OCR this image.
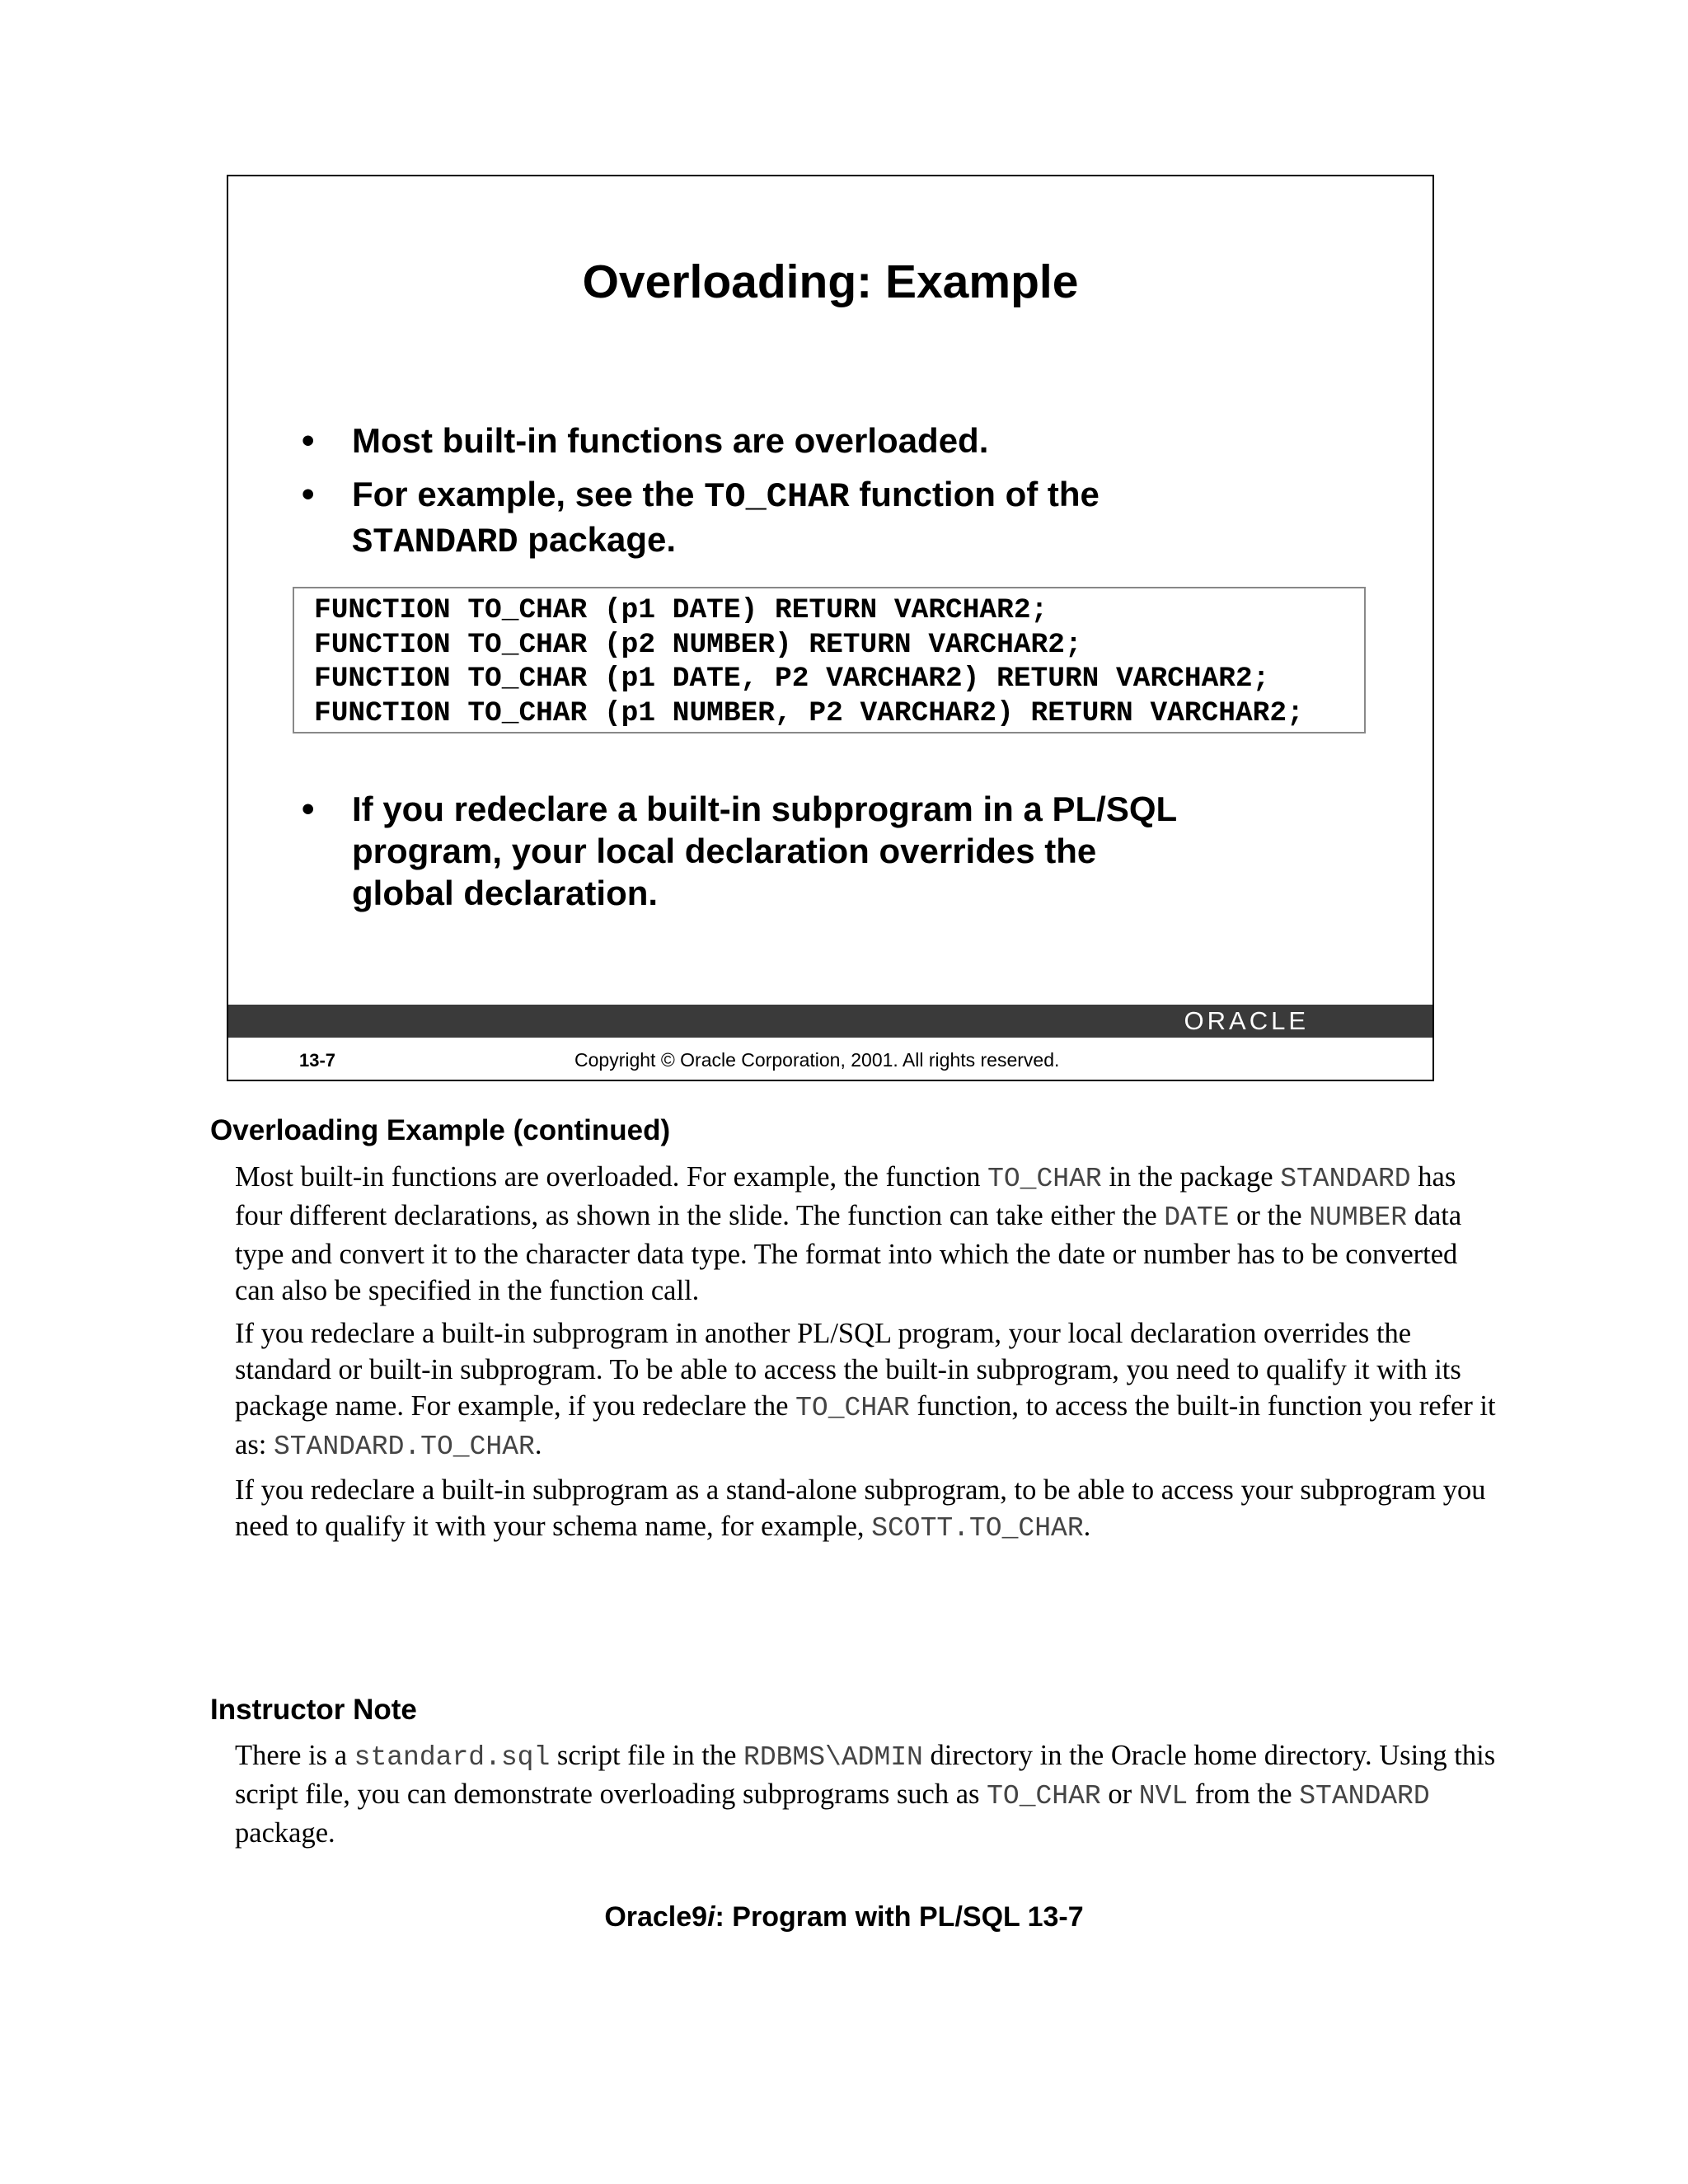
Overloading: Example
• Most built-in functions are overloaded.
• For example, see the TO_CHAR function of the
STANDARD package.
FUNCTION TO_CHAR (p1 DATE) RETURN VARCHAR2;
FUNCTION TO_CHAR (p2 NUMBER) RETURN VARCHAR2;
FUNCTION TO_CHAR (p1 DATE, P2 VARCHAR2) RETURN VARCHAR2;
FUNCTION TO_CHAR (p1 NUMBER, P2 VARCHAR2) RETURN VARCHAR2;
• If you redeclare a built-in subprogram in a PL/SQL
program, your local declaration overrides the
global declaration.
ORACLE
13-7	Copyright © Oracle Corporation, 2001. All rights reserved.
Overloading Example (continued)
Most built-in functions are overloaded. For example, the function TO_CHAR in the package STANDARD has four different declarations, as shown in the slide. The function can take either the DATE or the NUMBER data type and convert it to the character data type. The format into which the date or number has to be converted can also be specified in the function call.
If you redeclare a built-in subprogram in another PL/SQL program, your local declaration overrides the standard or built-in subprogram. To be able to access the built-in subprogram, you need to qualify it with its package name. For example, if you redeclare the TO_CHAR function, to access the built-in function you refer it as: STANDARD.TO_CHAR.
If you redeclare a built-in subprogram as a stand-alone subprogram, to be able to access your subprogram you need to qualify it with your schema name, for example, SCOTT.TO_CHAR.
Instructor Note
There is a standard.sql script file in the RDBMS\ADMIN directory in the Oracle home directory. Using this script file, you can demonstrate overloading subprograms such as TO_CHAR or NVL from the STANDARD package.
Oracle9i: Program with PL/SQL 13-7
